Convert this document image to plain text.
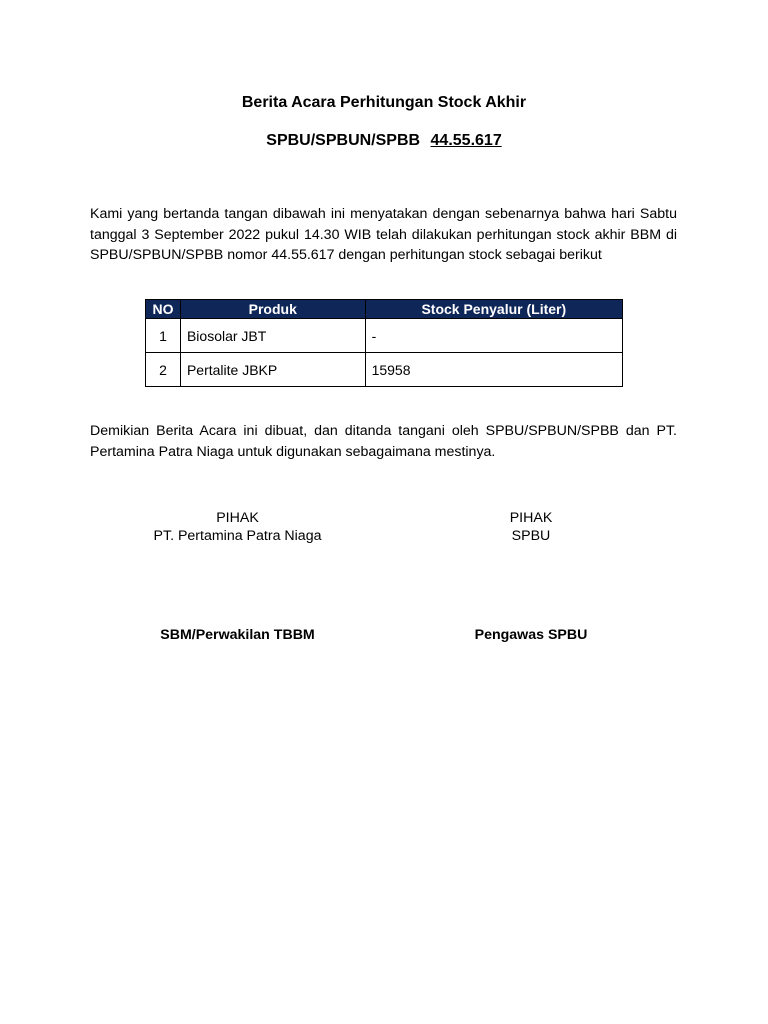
Berita Acara Perhitungan Stock Akhir
SPBU/SPBUN/SPBB 44.55.617
Kami yang bertanda tangan dibawah ini menyatakan dengan sebenarnya bahwa hari Sabtu tanggal 3 September 2022 pukul 14.30 WIB telah dilakukan perhitungan stock akhir BBM di SPBU/SPBUN/SPBB nomor 44.55.617 dengan perhitungan stock sebagai berikut
NO	Produk	Stock Penyalur (Liter)
1	Biosolar JBT	-
2	Pertalite JBKP	15958
Demikian Berita Acara ini dibuat, dan ditanda tangani oleh SPBU/SPBUN/SPBB dan PT. Pertamina Patra Niaga untuk digunakan sebagaimana mestinya.
PIHAK
PT. Pertamina Patra Niaga
PIHAK
SPBU
SBM/Perwakilan TBBM	Pengawas SPBU
